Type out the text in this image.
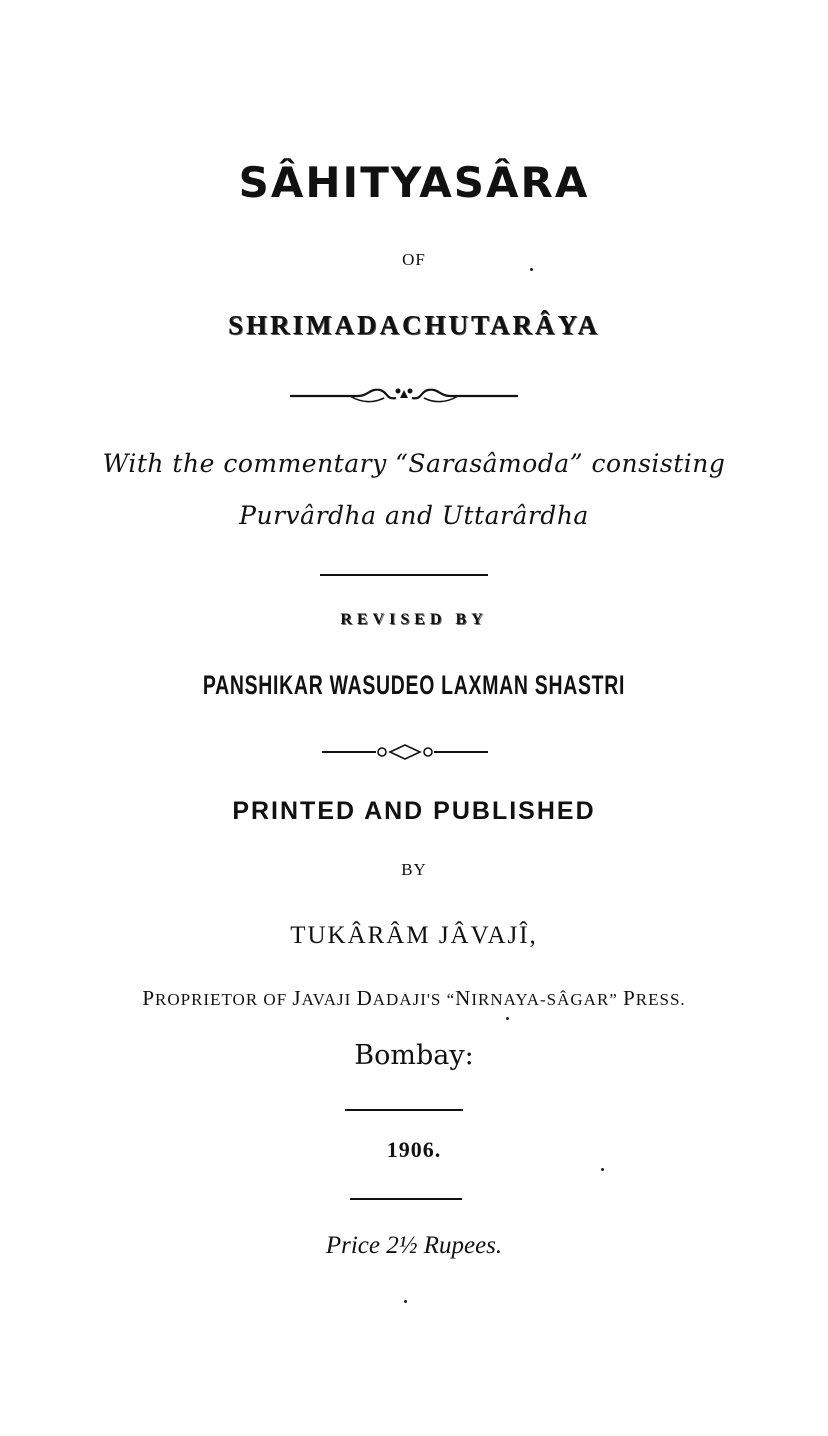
SÂHITYASÂRA
OF
SHRIMADACHUTARÂYA
With the commentary “Sarasâmoda” consisting
Purvârdha and Uttarârdha
REVISED BY
PANSHIKAR WASUDEO LAXMAN SHASTRI
PRINTED AND PUBLISHED
BY
TUKÂRÂM JÂVAJÎ,
PROPRIETOR OF JAVAJI DADAJI'S “NIRNAYA-SÂGAR” PRESS.
Bombay:
1906.
Price 2½ Rupees.
